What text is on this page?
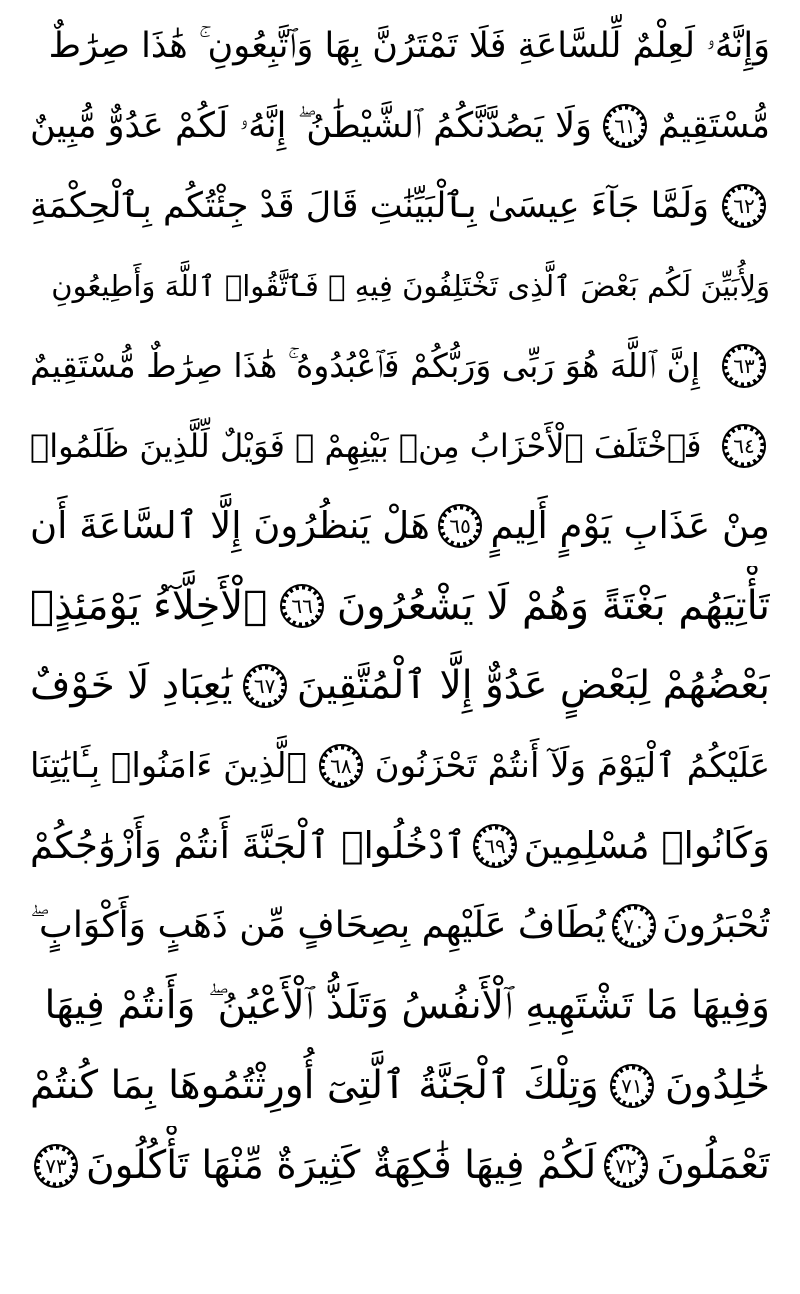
وَإِنَّهُۥ لَعِلْمٌ لِّلسَّاعَةِ فَلَا تَمْتَرُنَّ بِهَا وَٱتَّبِعُونِ ۚ هَٰذَا صِرَٰطٌ
مُّسْتَقِيمٌ
٦١
وَلَا يَصُدَّنَّكُمُ ٱلشَّيْطَٰنُ ۖ إِنَّهُۥ لَكُمْ عَدُوٌّ مُّبِينٌ
٦٢
وَلَمَّا جَآءَ عِيسَىٰ بِٱلْبَيِّنَٰتِ قَالَ قَدْ جِئْتُكُم بِٱلْحِكْمَةِ
وَلِأُبَيِّنَ لَكُم بَعْضَ ٱلَّذِى تَخْتَلِفُونَ فِيهِ ۖ فَٱتَّقُوا۟ ٱللَّهَ وَأَطِيعُونِ
٦٣
إِنَّ ٱللَّهَ هُوَ رَبِّى وَرَبُّكُمْ فَٱعْبُدُوهُ ۚ هَٰذَا صِرَٰطٌ مُّسْتَقِيمٌ
٦٤
فَٱخْتَلَفَ ٱلْأَحْزَابُ مِنۢ بَيْنِهِمْ ۖ فَوَيْلٌ لِّلَّذِينَ ظَلَمُوا۟
مِنْ عَذَابِ يَوْمٍ أَلِيمٍ
٦٥
هَلْ يَنظُرُونَ إِلَّا ٱلسَّاعَةَ أَن
تَأْتِيَهُم بَغْتَةً وَهُمْ لَا يَشْعُرُونَ
٦٦
ٱلْأَخِلَّآءُ يَوْمَئِذٍۭ
بَعْضُهُمْ لِبَعْضٍ عَدُوٌّ إِلَّا ٱلْمُتَّقِينَ
٦٧
يَٰعِبَادِ لَا خَوْفٌ
عَلَيْكُمُ ٱلْيَوْمَ وَلَآ أَنتُمْ تَحْزَنُونَ
٦٨
ٱلَّذِينَ ءَامَنُوا۟ بِـَٔايَٰتِنَا
وَكَانُوا۟ مُسْلِمِينَ
٦٩
ٱدْخُلُوا۟ ٱلْجَنَّةَ أَنتُمْ وَأَزْوَٰجُكُمْ
تُحْبَرُونَ
٧٠
يُطَافُ عَلَيْهِم بِصِحَافٍ مِّن ذَهَبٍ وَأَكْوَابٍ ۖ
وَفِيهَا مَا تَشْتَهِيهِ ٱلْأَنفُسُ وَتَلَذُّ ٱلْأَعْيُنُ ۖ وَأَنتُمْ فِيهَا
خَٰلِدُونَ
٧١
وَتِلْكَ ٱلْجَنَّةُ ٱلَّتِىٓ أُورِثْتُمُوهَا بِمَا كُنتُمْ
تَعْمَلُونَ
٧٢
لَكُمْ فِيهَا فَٰكِهَةٌ كَثِيرَةٌ مِّنْهَا تَأْكُلُونَ
٧٣
